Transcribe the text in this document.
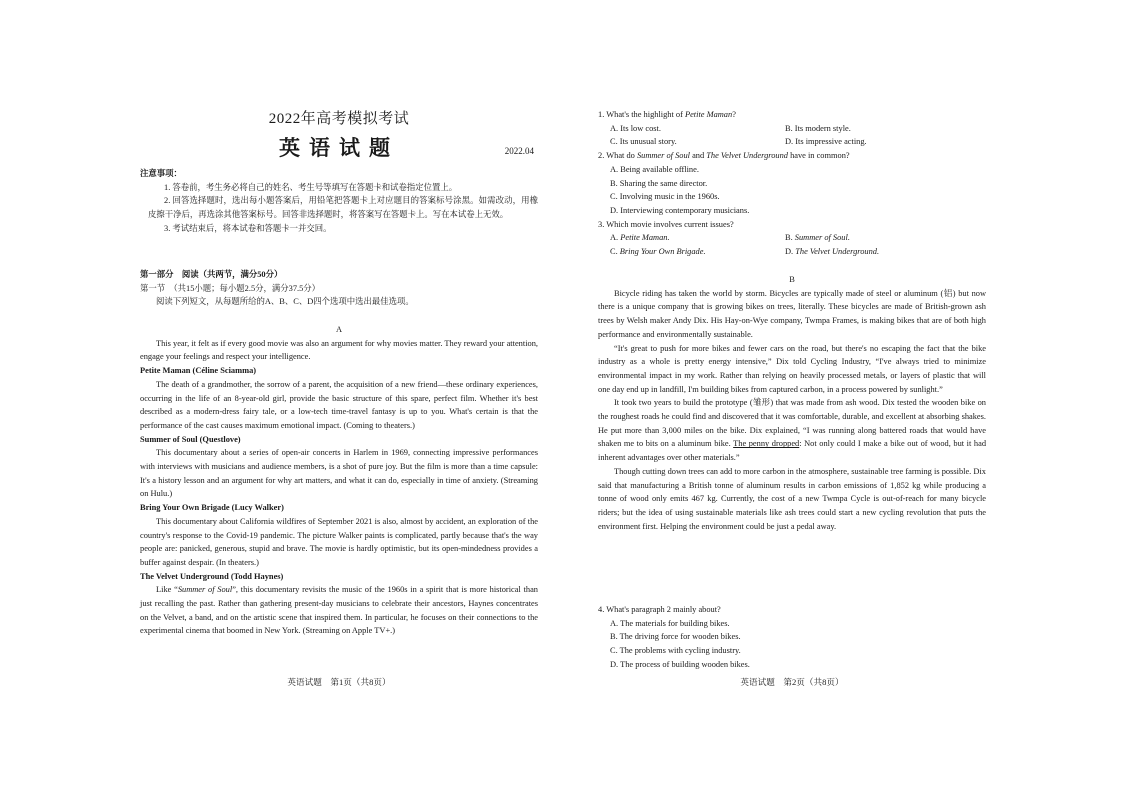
2022年高考模拟考试
英语试题	2022.04

注意事项：

1. 答卷前，考生务必将自己的姓名、考生号等填写在答题卡和试卷指定位置上。

2. 回答选择题时，选出每小题答案后，用铅笔把答题卡上对应题目的答案标号涂黑。如需改动，用橡皮擦干净后，再选涂其他答案标号。回答非选择题时，将答案写在答题卡上。写在本试卷上无效。

3. 考试结束后，将本试卷和答题卡一并交回。

第一部分　阅读（共两节，满分50分）

第一节　（共15小题；每小题2.5分，满分37.5分）

阅读下列短文，从每题所给的A、B、C、D四个选项中选出最佳选项。

A

This year, it felt as if every good movie was also an argument for why movies matter. They reward your attention, engage your feelings and respect your intelligence.

Petite Maman (Céline Sciamma)

The death of a grandmother, the sorrow of a parent, the acquisition of a new friend—these ordinary experiences, occurring in the life of an 8-year-old girl, provide the basic structure of this spare, perfect film. Whether it's best described as a modern-dress fairy tale, or a low-tech time-travel fantasy is up to you. What's certain is that the performance of the cast causes maximum emotional impact. (Coming to theaters.)

Summer of Soul (Questlove)

This documentary about a series of open-air concerts in Harlem in 1969, connecting impressive performances with interviews with musicians and audience members, is a shot of pure joy. But the film is more than a time capsule: It's a history lesson and an argument for why art matters, and what it can do, especially in time of anxiety. (Streaming on Hulu.)

Bring Your Own Brigade (Lucy Walker)

This documentary about California wildfires of September 2021 is also, almost by accident, an exploration of the country's response to the Covid-19 pandemic. The picture Walker paints is complicated, partly because that's the way people are: panicked, generous, stupid and brave. The movie is hardly optimistic, but its open-mindedness provides a buffer against despair. (In theaters.)

The Velvet Underground (Todd Haynes)

Like “Summer of Soul”, this documentary revisits the music of the 1960s in a spirit that is more historical than just recalling the past. Rather than gathering present-day musicians to celebrate their ancestors, Haynes concentrates on the Velvet, a band, and on the artistic scene that inspired them. In particular, he focuses on their connections to the experimental cinema that boomed in New York. (Streaming on Apple TV+.)

英语试题　第1页（共8页）

1. What's the highlight of Petite Maman?

A. Its low cost.	B. Its modern style.
C. Its unusual story.	D. Its impressive acting.

2. What do Summer of Soul and The Velvet Underground have in common?

A. Being available offline.

B. Sharing the same director.

C. Involving music in the 1960s.

D. Interviewing contemporary musicians.

3. Which movie involves current issues?

A. Petite Maman.	B. Summer of Soul.
C. Bring Your Own Brigade.	D. The Velvet Underground.

B

Bicycle riding has taken the world by storm. Bicycles are typically made of steel or aluminum (铝) but now there is a unique company that is growing bikes on trees, literally. These bicycles are made of British-grown ash trees by Welsh maker Andy Dix. His Hay-on-Wye company, Twmpa Frames, is making bikes that are of both high performance and environmentally sustainable.

“It's great to push for more bikes and fewer cars on the road, but there's no escaping the fact that the bike industry as a whole is pretty energy intensive,” Dix told Cycling Industry, “I've always tried to minimize environmental impact in my work. Rather than relying on heavily processed metals, or layers of plastic that will one day end up in landfill, I'm building bikes from captured carbon, in a process powered by sunlight.”

It took two years to build the prototype (雏形) that was made from ash wood. Dix tested the wooden bike on the roughest roads he could find and discovered that it was comfortable, durable, and excellent at absorbing shakes. He put more than 3,000 miles on the bike. Dix explained, “I was running along battered roads that would have shaken me to bits on a aluminum bike. The penny dropped: Not only could I make a bike out of wood, but it had inherent advantages over other materials.”

Though cutting down trees can add to more carbon in the atmosphere, sustainable tree farming is possible. Dix said that manufacturing a British tonne of aluminum results in carbon emissions of 1,852 kg while producing a tonne of wood only emits 467 kg. Currently, the cost of a new Twmpa Cycle is out-of-reach for many bicycle riders; but the idea of using sustainable materials like ash trees could start a new cycling revolution that puts the environment first. Helping the environment could be just a pedal away.

4. What's paragraph 2 mainly about?

A. The materials for building bikes.

B. The driving force for wooden bikes.

C. The problems with cycling industry.

D. The process of building wooden bikes.

英语试题　第2页（共8页）
